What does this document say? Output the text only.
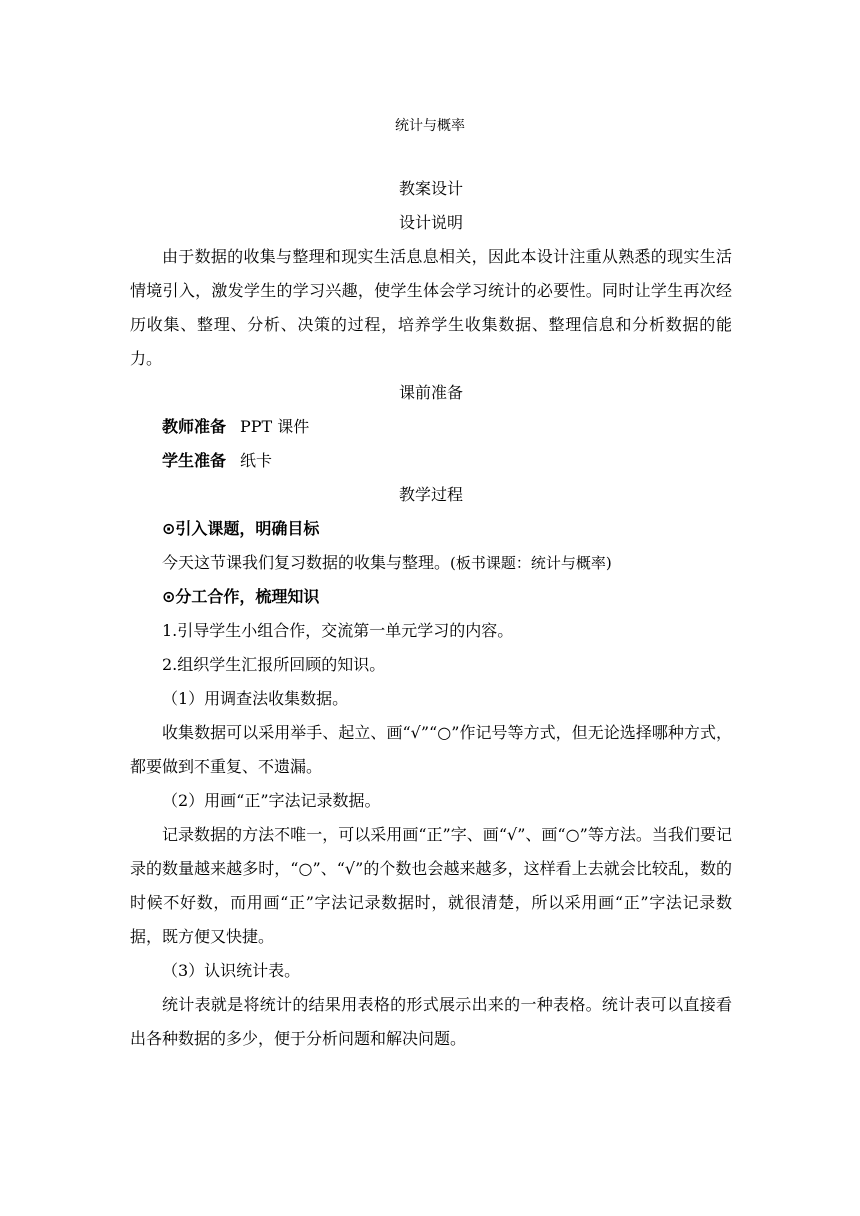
统计与概率
教案设计
设计说明
由于数据的收集与整理和现实生活息息相关，因此本设计注重从熟悉的现实生活情境引入，激发学生的学习兴趣，使学生体会学习统计的必要性。同时让学生再次经历收集、整理、分析、决策的过程，培养学生收集数据、整理信息和分析数据的能力。
课前准备
教师准备 PPT 课件
学生准备 纸卡
教学过程
⊙引入课题，明确目标
今天这节课我们复习数据的收集与整理。(板书课题：统计与概率)
⊙分工合作，梳理知识
1.引导学生小组合作，交流第一单元学习的内容。
2.组织学生汇报所回顾的知识。
（1）用调查法收集数据。
收集数据可以采用举手、起立、画“√”“○”作记号等方式，但无论选择哪种方式，都要做到不重复、不遗漏。
（2）用画“正”字法记录数据。
记录数据的方法不唯一，可以采用画“正”字、画“√”、画“○”等方法。当我们要记录的数量越来越多时，“○”、“√”的个数也会越来越多，这样看上去就会比较乱，数的时候不好数，而用画“正”字法记录数据时，就很清楚，所以采用画“正”字法记录数据，既方便又快捷。
（3）认识统计表。
统计表就是将统计的结果用表格的形式展示出来的一种表格。统计表可以直接看出各种数据的多少，便于分析问题和解决问题。
